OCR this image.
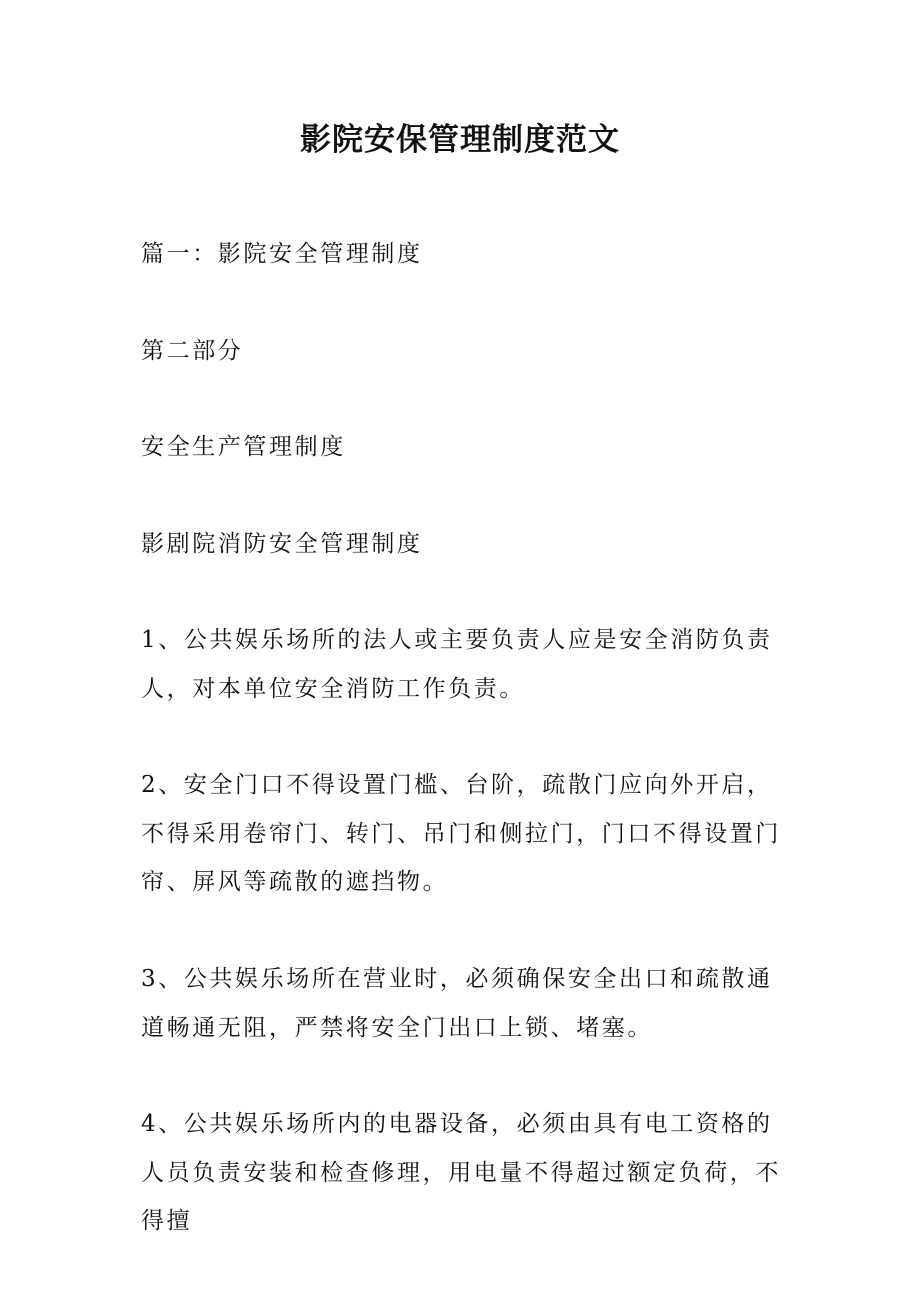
影院安保管理制度范文

篇一：影院安全管理制度

第二部分

安全生产管理制度

影剧院消防安全管理制度

1、公共娱乐场所的法人或主要负责人应是安全消防负责人，对本单位安全消防工作负责。

2、安全门口不得设置门槛、台阶，疏散门应向外开启，不得采用卷帘门、转门、吊门和侧拉门，门口不得设置门帘、屏风等疏散的遮挡物。

3、公共娱乐场所在营业时，必须确保安全出口和疏散通道畅通无阻，严禁将安全门出口上锁、堵塞。

4、公共娱乐场所内的电器设备，必须由具有电工资格的人员负责安装和检查修理，用电量不得超过额定负荷，不得擅
